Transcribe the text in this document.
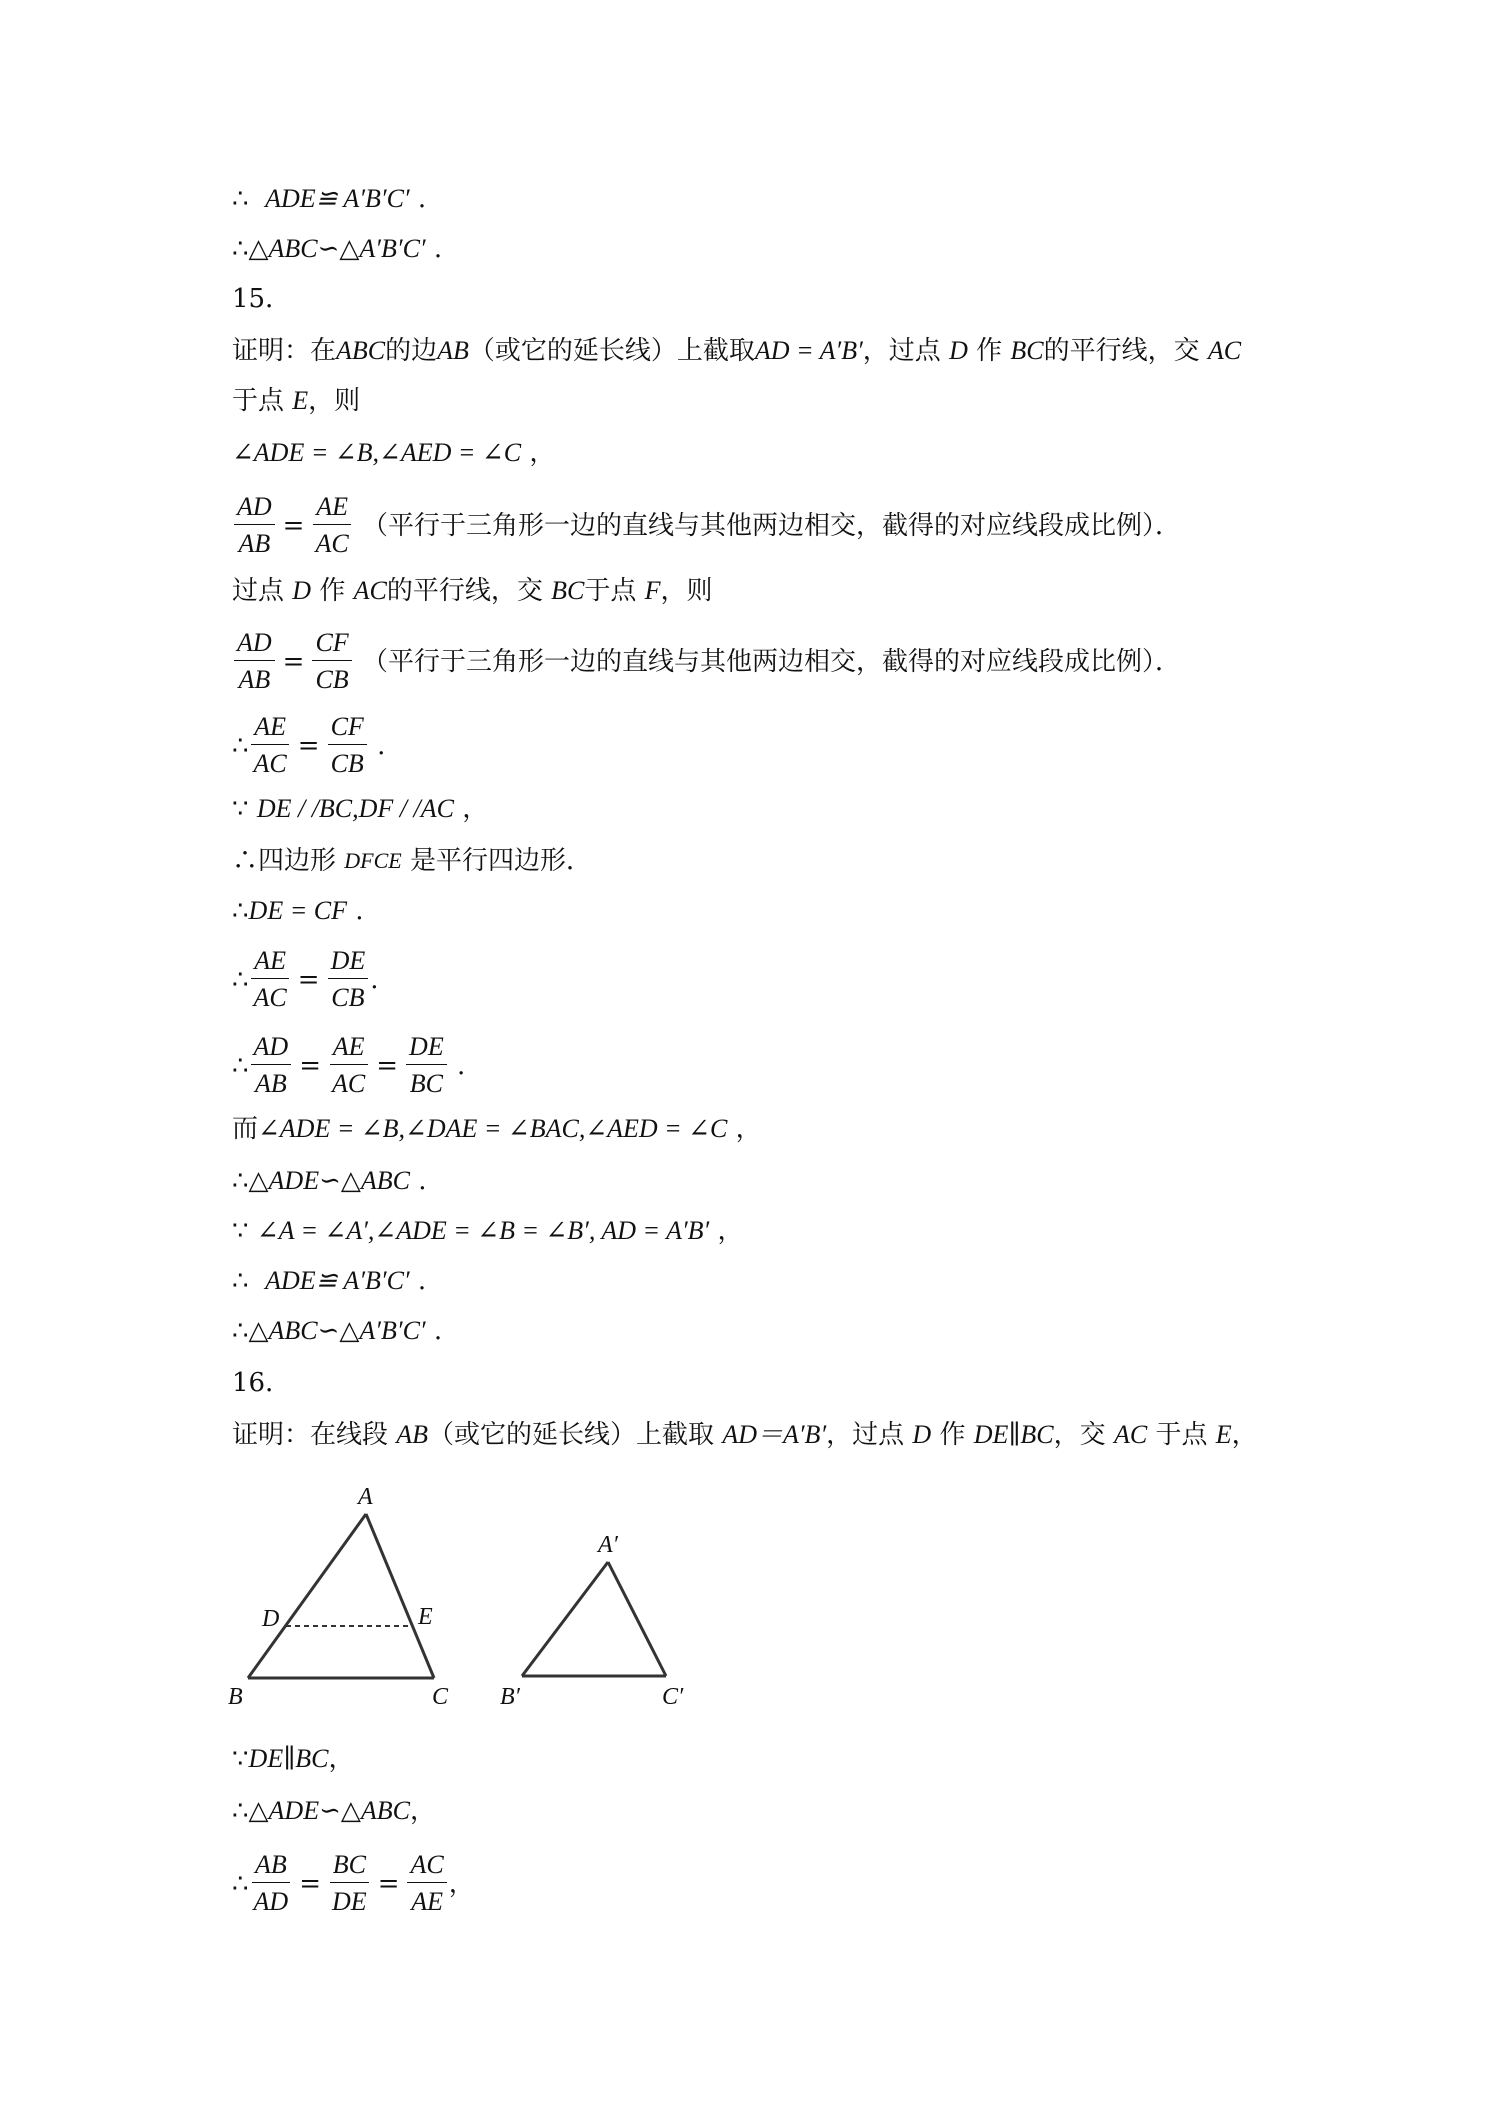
∴
ADE≌ A′B′C′
.
∴ △ABC∽△A′B′C′
.
15．
证明：在 ABC 的边 AB （或它的延长线）上截取 AD = A′B′ ，过点
D
作
BC 的平行线，交
AC
于点
E ，则
∠ADE = ∠B,∠AED = ∠C
，
$\frac{AD}{AB} = \frac{AE}{AC}$
（平行于三角形一边的直线与其他两边相交，截得的对应线段成比例）．
过点
D
作
AC 的平行线，交
BC 于点
F ，则
$\frac{AD}{AB} = \frac{CF}{CB}$
（平行于三角形一边的直线与其他两边相交，截得的对应线段成比例）．
∴ $\frac{AE}{AC} = \frac{CF}{CB}$
.
∵
DE / /BC,DF / /AC
，
∴四边形
DFCE
是平行四边形．
∴ DE = CF
.
∴ $\frac{AE}{AC} = \frac{DE}{CB}$ .
∴ $\frac{AD}{AB} = \frac{AE}{AC} = \frac{DE}{BC}$
.
而 ∠ADE = ∠B,∠DAE = ∠BAC,∠AED = ∠C
，
∴ △ADE∽△ABC
.
∵
∠A = ∠A′,∠ADE = ∠B = ∠B′, AD = A′B′
，
∴
ADE≌ A′B′C′
.
∴ △ABC∽△A′B′C′
.
16．
证明：在线段
AB （或它的延长线）上截取
AD＝A′B′ ，过点
D
作
DE∥BC ，交
AC
于点
E ，
A
B	C
D	E
A′
B′	C′
∵ DE∥BC ，
∴ △ADE∽△ABC ，
∴ $\frac{AB}{AD} = \frac{BC}{DE} = \frac{AC}{AE}$ ，
